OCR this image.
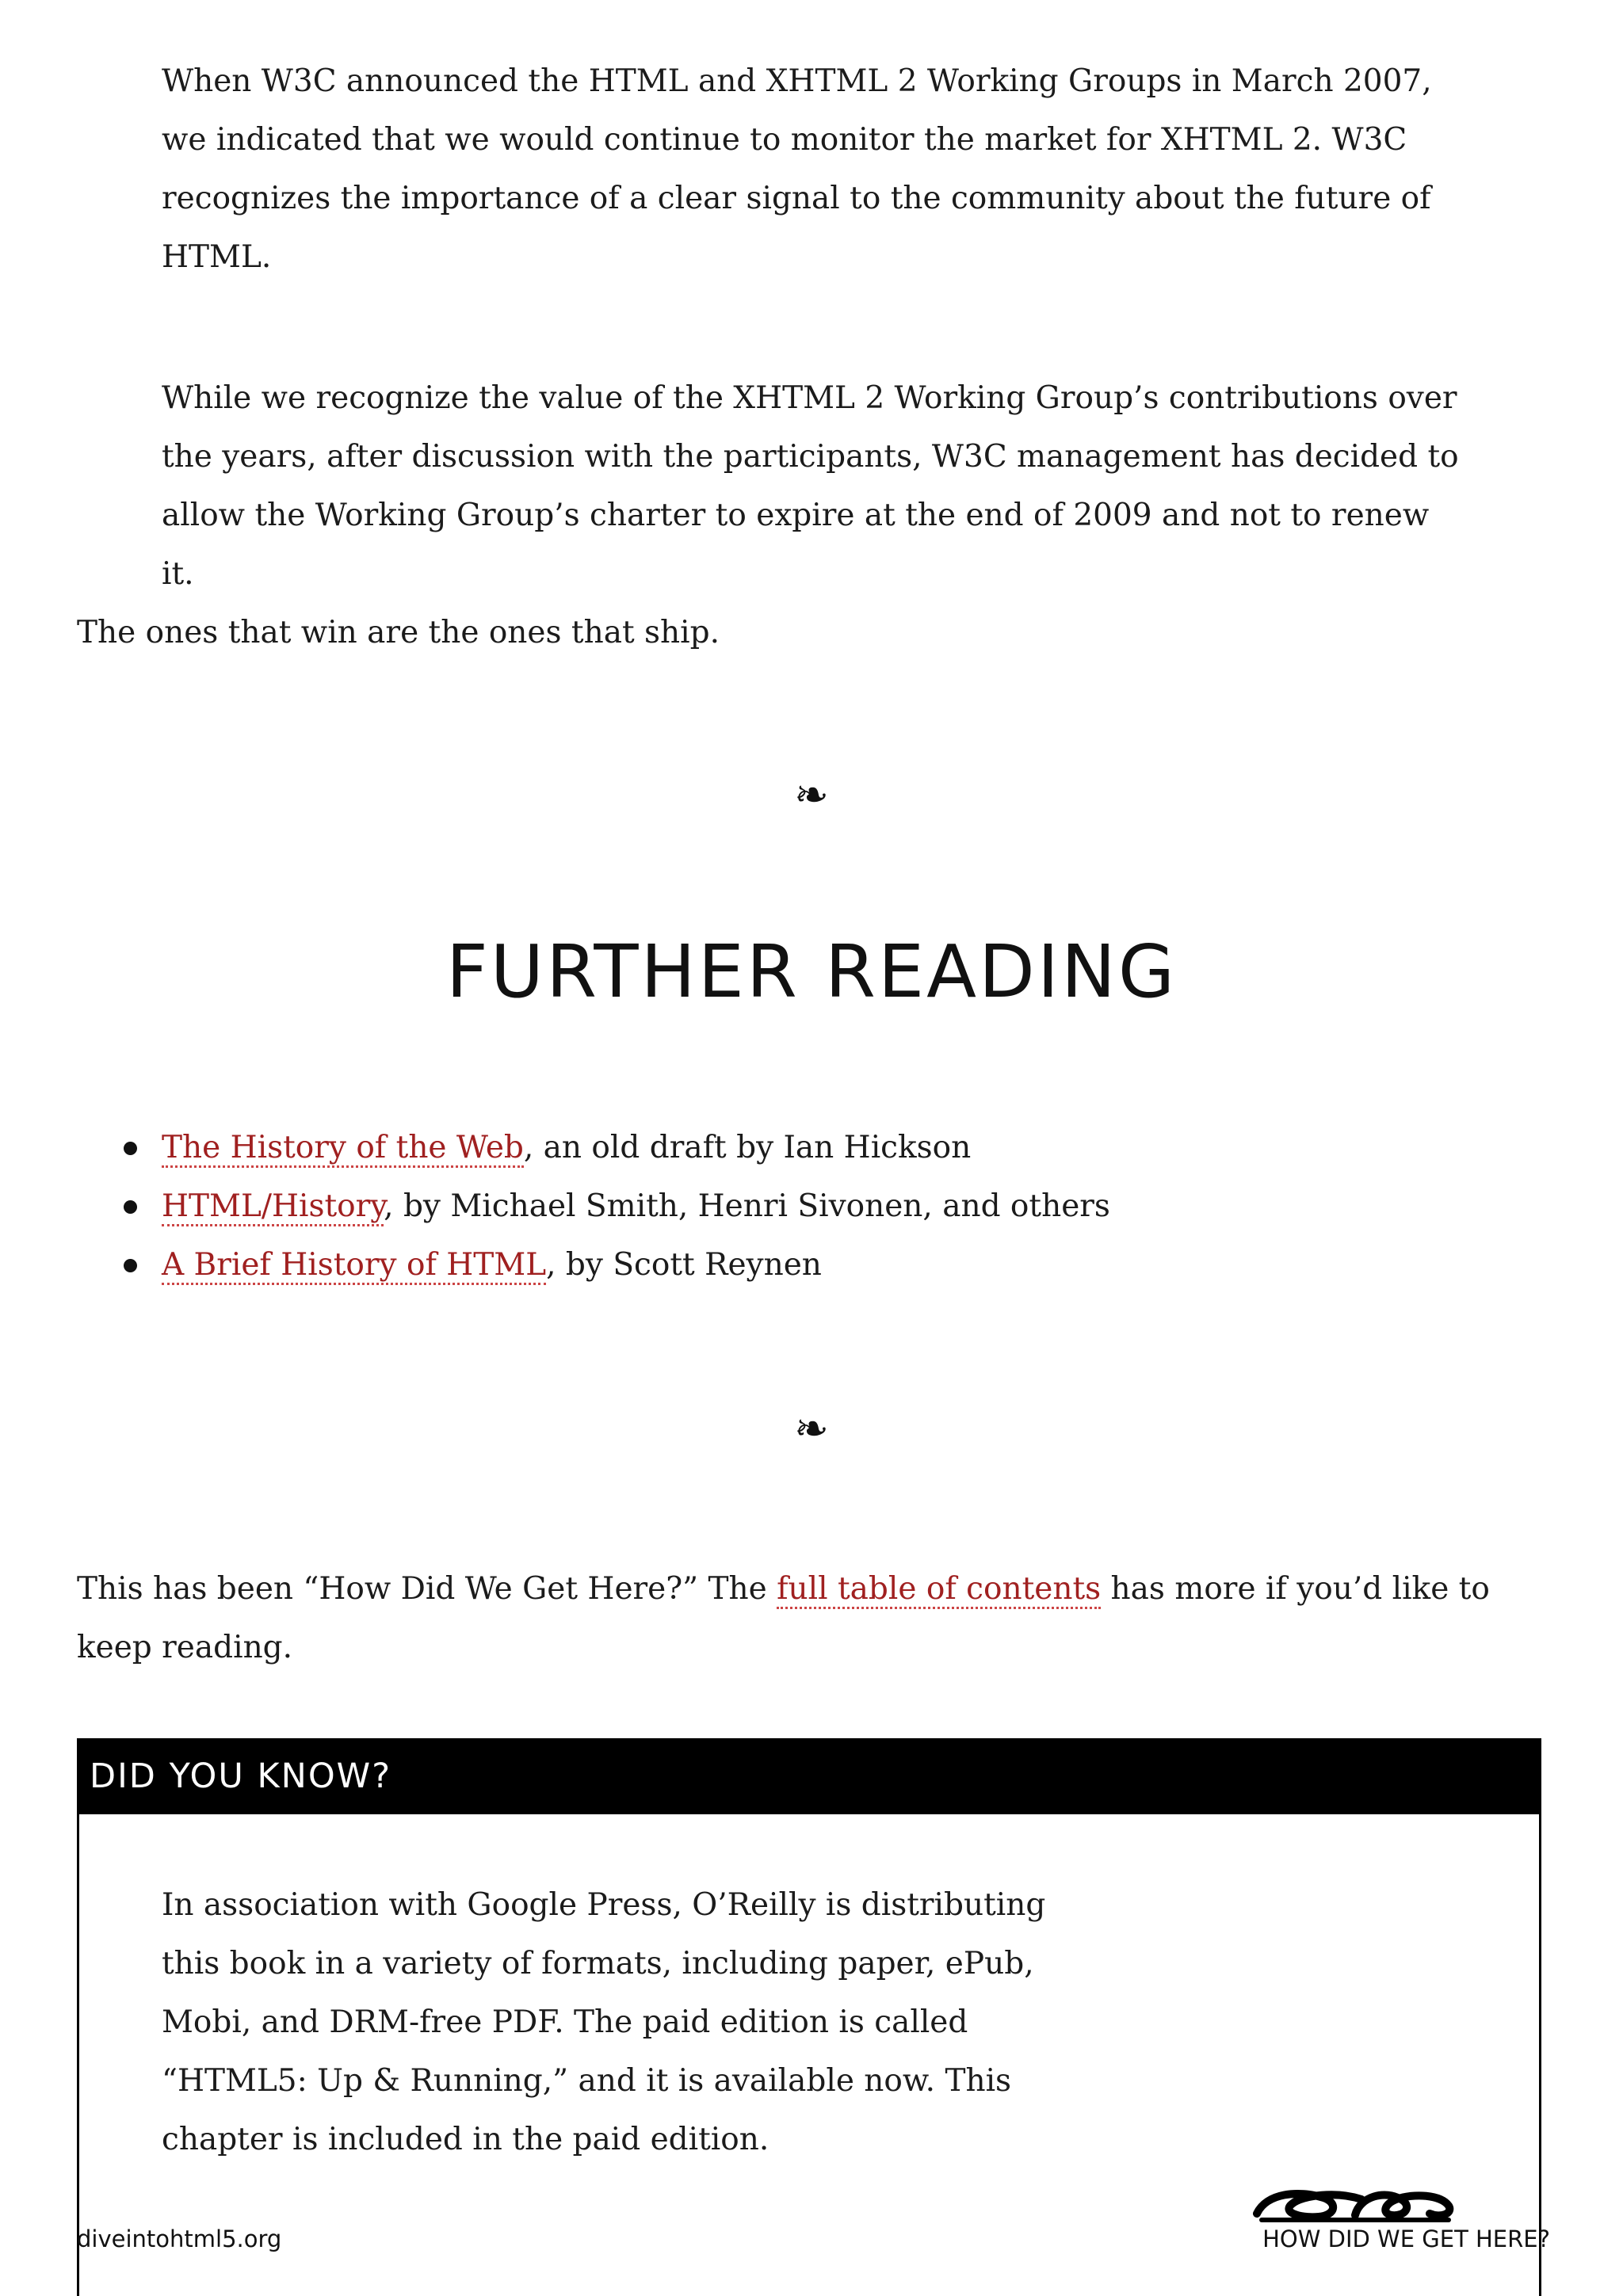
When W3C announced the HTML and XHTML 2 Working Groups in March 2007, we indicated that we would continue to monitor the market for XHTML 2. W3C recognizes the importance of a clear signal to the community about the future of HTML.

While we recognize the value of the XHTML 2 Working Group’s contributions over the years, after discussion with the participants, W3C management has decided to allow the Working Group’s charter to expire at the end of 2009 and not to renew it.

The ones that win are the ones that ship.

❧
FURTHER READING
The History of the Web, an old draft by Ian Hickson
HTML/History, by Michael Smith, Henri Sivonen, and others
A Brief History of HTML, by Scott Reynen
❧

This has been “How Did We Get Here?” The full table of contents has more if you’d like to keep reading.

DID YOU KNOW?

In association with Google Press, O’Reilly is distributing this book in a variety of formats, including paper, ePub, Mobi, and DRM-free PDF. The paid edition is called “HTML5: Up & Running,” and it is available now. This chapter is included in the paid edition.

diveintohtml5.org	HOW DID WE GET HERE?
